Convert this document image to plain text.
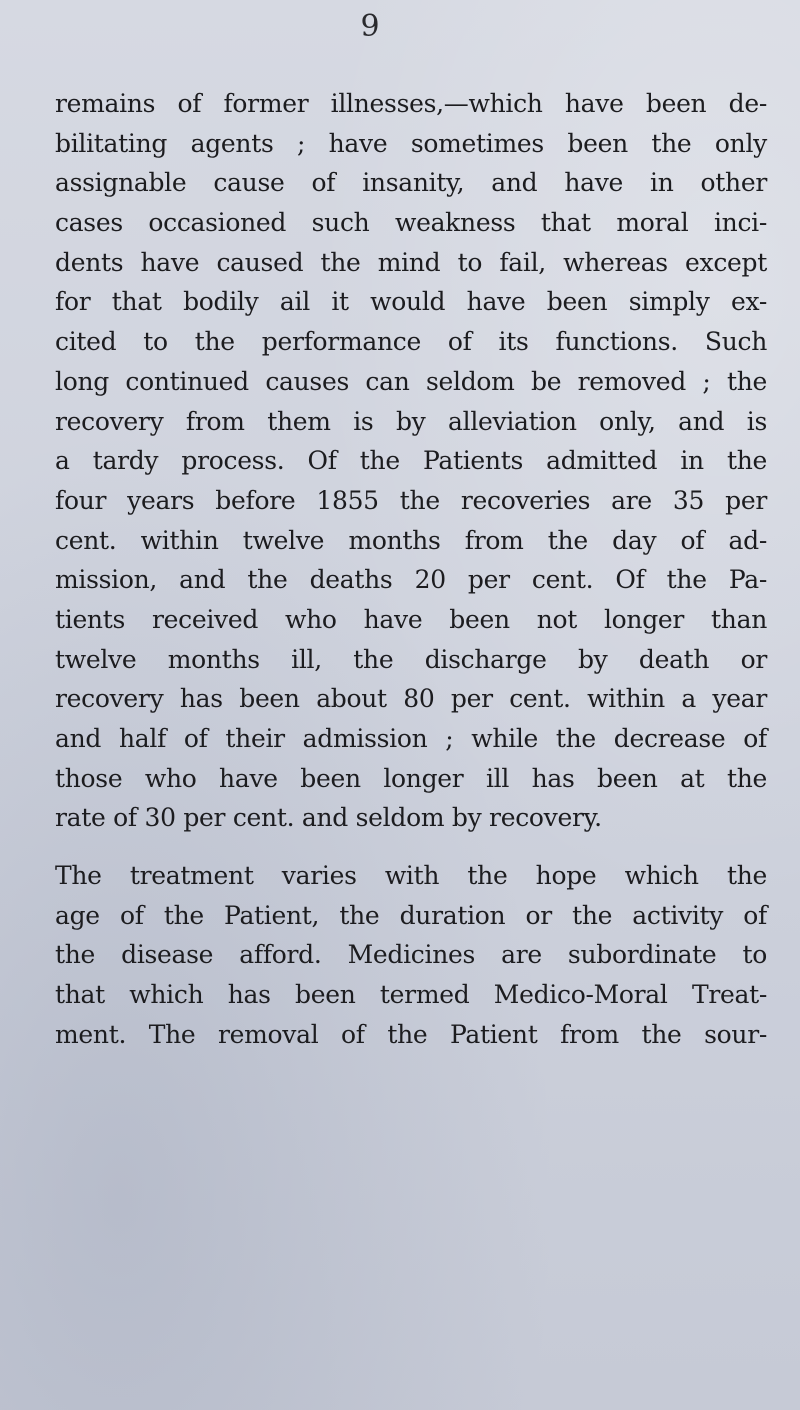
9
remains of former illnesses,—which have been de-
bilitating agents ; have sometimes been the only
assignable cause of insanity, and have in other
cases occasioned such weakness that moral inci-
dents have caused the mind to fail, whereas except
for that bodily ail it would have been simply ex-
cited to the performance of its functions. Such
long continued causes can seldom be removed ; the
recovery from them is by alleviation only, and is
a tardy process. Of the Patients admitted in the
four years before 1855 the recoveries are 35 per
cent. within twelve months from the day of ad-
mission, and the deaths 20 per cent. Of the Pa-
tients received who have been not longer than
twelve months ill, the discharge by death or
recovery has been about 80 per cent. within a year
and half of their admission ; while the decrease of
those who have been longer ill has been at the
rate of 30 per cent. and seldom by recovery.
The treatment varies with the hope which the
age of the Patient, the duration or the activity of
the disease afford. Medicines are subordinate to
that which has been termed Medico-Moral Treat-
ment. The removal of the Patient from the sour-
